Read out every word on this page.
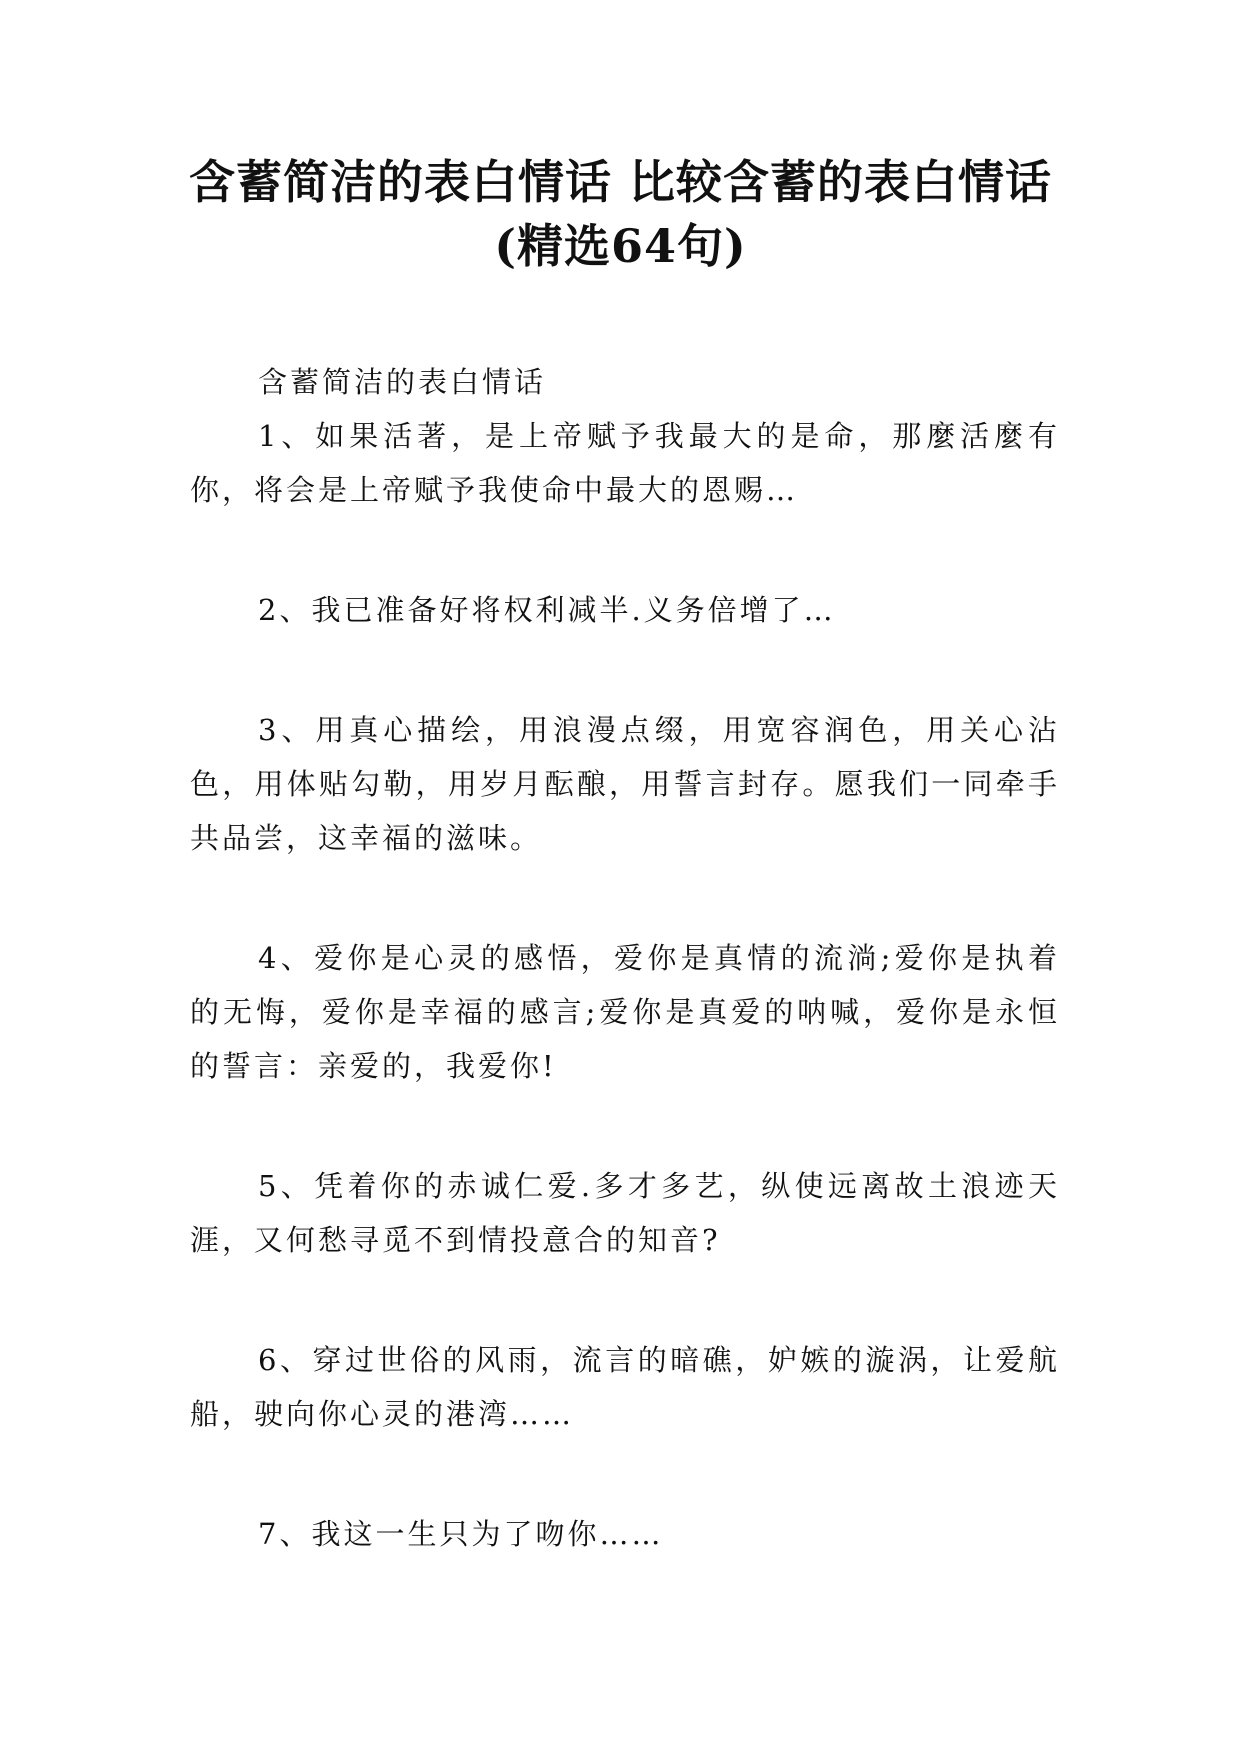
含蓄简洁的表白情话 比较含蓄的表白情话
(精选64句)

含蓄简洁的表白情话

1、如果活著，是上帝赋予我最大的是命，那麼活麼有你，将会是上帝赋予我使命中最大的恩赐…

2、我已准备好将权利减半.义务倍增了…

3、用真心描绘，用浪漫点缀，用宽容润色，用关心沾色，用体贴勾勒，用岁月酝酿，用誓言封存。愿我们一同牵手共品尝，这幸福的滋味。

4、爱你是心灵的感悟，爱你是真情的流淌;爱你是执着的无悔，爱你是幸福的感言;爱你是真爱的呐喊，爱你是永恒的誓言：亲爱的，我爱你!

5、凭着你的赤诚仁爱.多才多艺，纵使远离故土浪迹天涯，又何愁寻觅不到情投意合的知音?

6、穿过世俗的风雨，流言的暗礁，妒嫉的漩涡，让爱航船，驶向你心灵的港湾……

7、我这一生只为了吻你……
